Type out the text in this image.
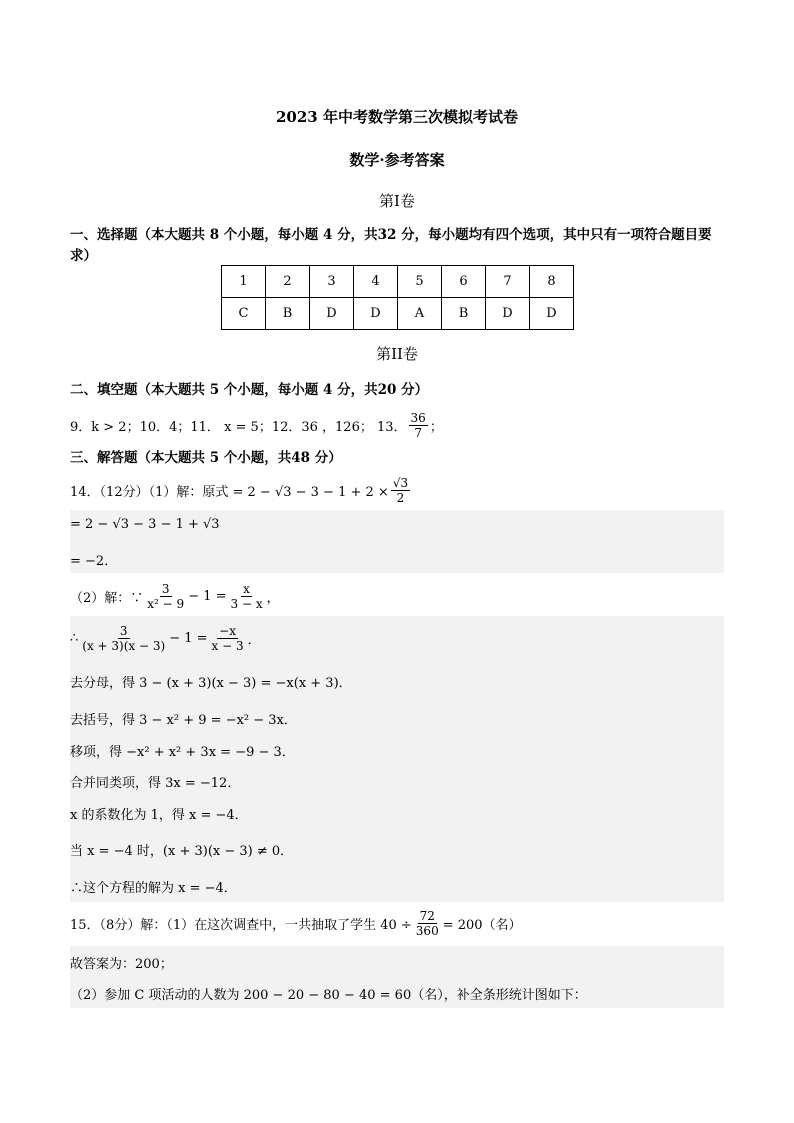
2023 年中考数学第三次模拟考试卷
数学·参考答案
第Ⅰ卷
一、选择题（本大题共 8 个小题，每小题 4 分，共32 分，每小题均有四个选项，其中只有一项符合题目要求）
1	2	3	4	5	6	7	8
C	B	D	D	A	B	D	D
第II卷
二、填空题（本大题共 5 个小题，每小题 4 分，共20 分）
9．k > 2；10．4；11． x = 5；12．36 ，126； 13． $\frac{36}{7}$ ；
三、解答题（本大题共 5 个小题，共48 分）
14．（12分）（1）解：原式 = $2 - √3 - 3 - 1 + 2 \times \frac{√3}{2}$
= 2 − √3 − 3 − 1 + √3
= −2．
（2）解：∵ $\frac{3}{\text{x² − 9}} - 1 = \frac{x}{3 - x}$ ，
∴ $\frac{3}{(x + 3)(x - 3)} - 1 = \frac{-x}{x - 3}$ ．
去分母，得 3 − (x + 3)(x − 3) = −x(x + 3)．
去括号，得 3 − x² + 9 = −x² − 3x．
移项，得 −x² + x² + 3x = −9 − 3．
合并同类项，得 3x = −12．
x 的系数化为 1，得 x = −4．
当 x = −4 时，(x + 3)(x − 3) ≠ 0．
∴这个方程的解为 x = −4．
15．（8分）解：（1）在这次调查中，一共抽取了学生 $40 \div \frac{72}{360} = 200$（名）
故答案为：200；
（2）参加 C 项活动的人数为 200 − 20 − 80 − 40 = 60（名），补全条形统计图如下：
